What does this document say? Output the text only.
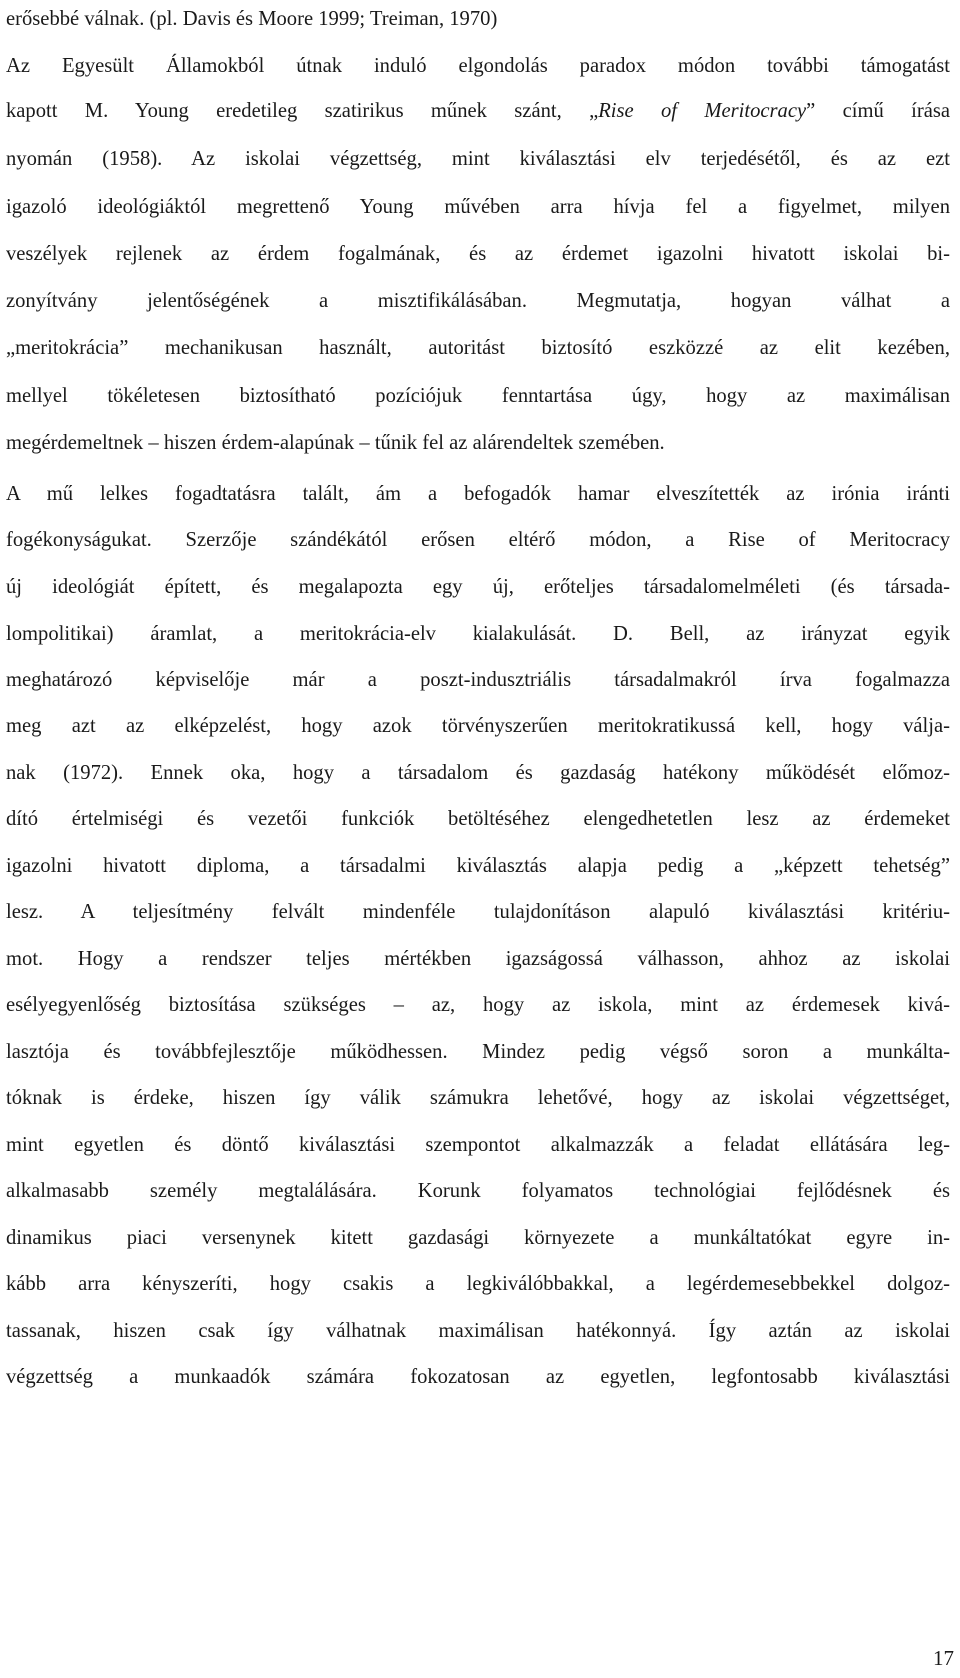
erősebbé válnak. (pl. Davis és Moore 1999; Treiman, 1970)
Az Egyesült Államokból útnak induló elgondolás paradox módon további támogatást
kapott M. Young eredetileg szatirikus műnek szánt, „Rise of Meritocracy” című írása
nyomán (1958). Az iskolai végzettség, mint kiválasztási elv terjedésétől, és az ezt
igazoló ideológiáktól megrettenő Young művében arra hívja fel a figyelmet, milyen
veszélyek rejlenek az érdem fogalmának, és az érdemet igazolni hivatott iskolai bi-
zonyítvány jelentőségének a misztifikálásában. Megmutatja, hogyan válhat a
„meritokrácia” mechanikusan használt, autoritást biztosító eszközzé az elit kezében,
mellyel tökéletesen biztosítható pozíciójuk fenntartása úgy, hogy az maximálisan
megérdemeltnek – hiszen érdem-alapúnak – tűnik fel az alárendeltek szemében.
A mű lelkes fogadtatásra talált, ám a befogadók hamar elveszítették az irónia iránti
fogékonyságukat. Szerzője szándékától erősen eltérő módon, a Rise of Meritocracy
új ideológiát épített, és megalapozta egy új, erőteljes társadalomelméleti (és társada-
lompolitikai) áramlat, a meritokrácia-elv kialakulását. D. Bell, az irányzat egyik
meghatározó képviselője már a poszt-indusztriális társadalmakról írva fogalmazza
meg azt az elképzelést, hogy azok törvényszerűen meritokratikussá kell, hogy válja-
nak (1972). Ennek oka, hogy a társadalom és gazdaság hatékony működését előmoz-
dító értelmiségi és vezetői funkciók betöltéséhez elengedhetetlen lesz az érdemeket
igazolni hivatott diploma, a társadalmi kiválasztás alapja pedig a „képzett tehetség”
lesz. A teljesítmény felvált mindenféle tulajdonításon alapuló kiválasztási kritériu-
mot. Hogy a rendszer teljes mértékben igazságossá válhasson, ahhoz az iskolai
esélyegyenlőség biztosítása szükséges – az, hogy az iskola, mint az érdemesek kivá-
lasztója és továbbfejlesztője működhessen. Mindez pedig végső soron a munkálta-
tóknak is érdeke, hiszen így válik számukra lehetővé, hogy az iskolai végzettséget,
mint egyetlen és döntő kiválasztási szempontot alkalmazzák a feladat ellátására leg-
alkalmasabb személy megtalálására. Korunk folyamatos technológiai fejlődésnek és
dinamikus piaci versenynek kitett gazdasági környezete a munkáltatókat egyre in-
kább arra kényszeríti, hogy csakis a legkiválóbbakkal, a legérdemesebbekkel dolgoz-
tassanak, hiszen csak így válhatnak maximálisan hatékonnyá. Így aztán az iskolai
végzettség a munkaadók számára fokozatosan az egyetlen, legfontosabb kiválasztási
17
